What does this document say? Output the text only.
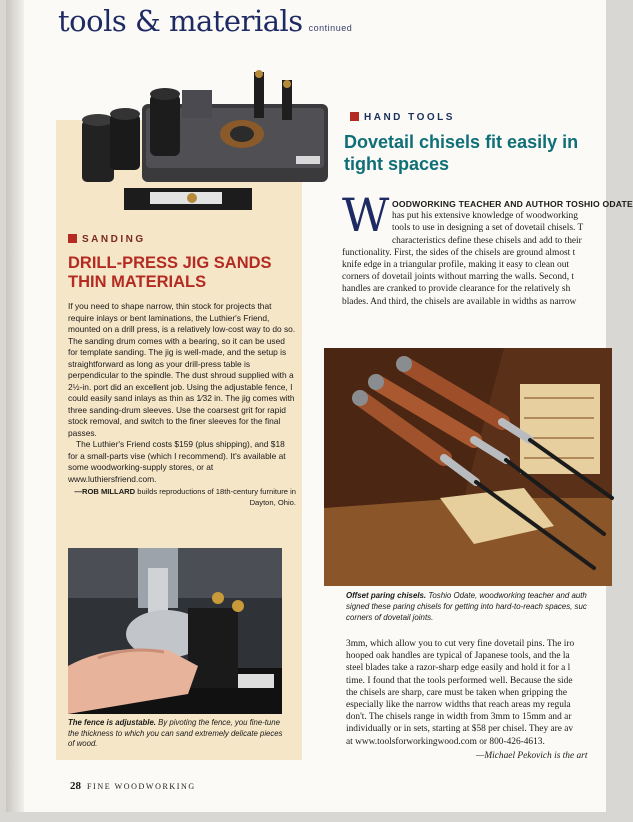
tools & materials continued
SANDING
DRILL-PRESS JIG SANDS THIN MATERIALS

If you need to shape narrow, thin stock for projects that require inlays or bent laminations, the Luthier's Friend, mounted on a drill press, is a relatively low-cost way to do so. The sanding drum comes with a bearing, so it can be used for template sanding. The jig is well-made, and the setup is straightforward as long as your drill-press table is perpendicular to the spindle. The dust shroud supplied with a 2½-in. port did an excellent job. Using the adjustable fence, I could easily sand inlays as thin as 1⁄32 in. The jig comes with three sanding-drum sleeves. Use the coarsest grit for rapid stock removal, and switch to the finer sleeves for the final passes.

The Luthier's Friend costs $159 (plus shipping), and $18 for a small-parts vise (which I recommend). It's available at some woodworking-supply stores, or at www.luthiersfriend.com.

—ROB MILLARD builds reproductions of 18th-century furniture in Dayton, Ohio.
The fence is adjustable. By pivoting the fence, you fine-tune the thickness to which you can sand extremely delicate pieces of wood.
HAND TOOLS
Dovetail chisels fit easily in tight spaces
W OODWORKING TEACHER AND AUTHOR TOSHIO ODATE
has put his extensive knowledge of woodworking
tools to use in designing a set of dovetail chisels. T
characteristics define these chisels and add to their
functionality. First, the sides of the chisels are ground almost t
knife edge in a triangular profile, making it easy to clean out
corners of dovetail joints without marring the walls. Second, t
handles are cranked to provide clearance for the relatively sh
blades. And third, the chisels are available in widths as narrow
Offset paring chisels. Toshio Odate, woodworking teacher and auth
signed these paring chisels for getting into hard-to-reach spaces, suc
corners of dovetail joints.
3mm, which allow you to cut very fine dovetail pins. The iro
hooped oak handles are typical of Japanese tools, and the la
steel blades take a razor-sharp edge easily and hold it for a l
time. I found that the tools performed well. Because the side
the chisels are sharp, care must be taken when gripping the
especially like the narrow widths that reach areas my regula
don't. The chisels range in width from 3mm to 15mm and ar
individually or in sets, starting at $58 per chisel. They are av
at www.toolsforworkingwood.com or 800-426-4613.
—Michael Pekovich is the art
28 FINE WOODWORKING
